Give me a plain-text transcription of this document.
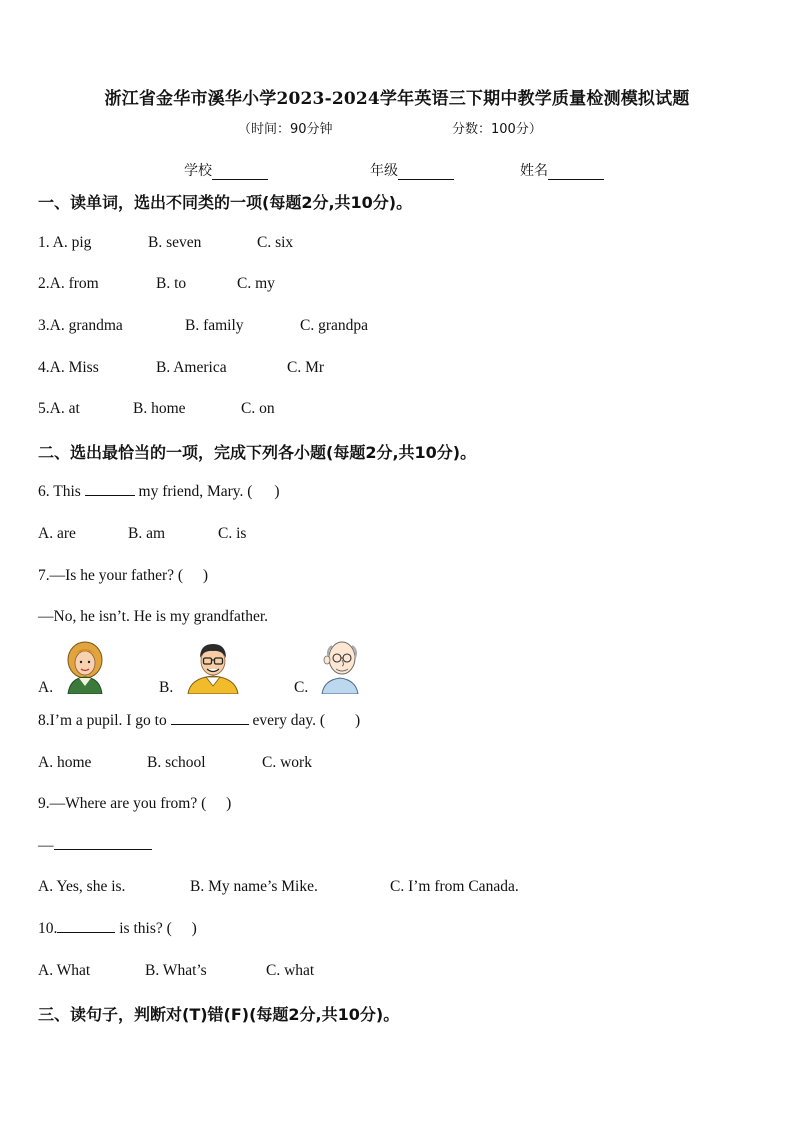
浙江省金华市溪华小学2023-2024学年英语三下期中教学质量检测模拟试题
（时间：90分钟	分数：100分）
学校	年级	姓名
一、读单词，选出不同类的一项(每题2分,共10分)。
1. A. pig	B. seven	C. six
2.A. from	B. to	C. my
3.A. grandma	B. family	C. grandpa
4.A. Miss	B. America	C. Mr
5.A. at	B. home	C. on
二、选出最恰当的一项，完成下列各小题(每题2分,共10分)。
6. This	my friend, Mary. ( )
A. are	B. am	C. is
7.—Is he your father? ( )
—No, he isn’t. He is my grandfather.
A.	B.	C.
8.I’m a pupil. I go to	every day. ( )
A. home	B. school	C. work
9.—Where are you from? ( )
—
A. Yes, she is.	B. My name’s Mike.	C. I’m from Canada.
10.	is this? ( )
A. What	B. What’s	C. what
三、读句子，判断对(T)错(F)(每题2分,共10分)。
